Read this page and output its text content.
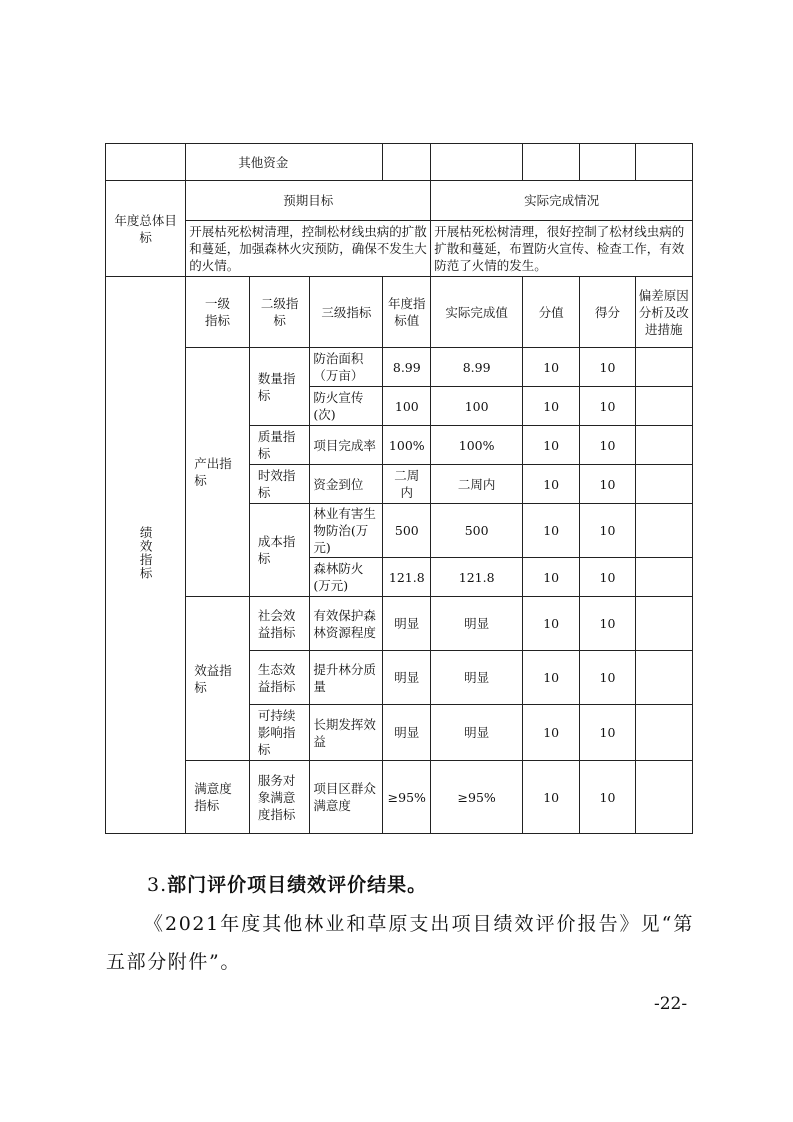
	其他资金							
年度总体目标	预期目标				实际完成情况			
	开展枯死松树清理，控制松材线虫病的扩散和蔓延，加强森林火灾预防，确保不发生大的火情。				开展枯死松树清理，很好控制了松材线虫病的扩散和蔓延，布置防火宣传、检查工作，有效防范了火情的发生。			
绩效指标	一级指标	二级指标	三级指标	年度指标值	实际完成值	分值	得分	偏差原因分析及改进措施
	产出指标	数量指标	防治面积（万亩）	8.99	8.99	10	10	
			防火宣传(次)	100	100	10	10	
		质量指标	项目完成率	100%	100%	10	10	
		时效指标	资金到位	二周内	二周内	10	10	
		成本指标	林业有害生物防治(万元)	500	500	10	10	
			森林防火(万元)	121.8	121.8	10	10	
	效益指标	社会效益指标	有效保护森林资源程度	明显	明显	10	10	
		生态效益指标	提升林分质量	明显	明显	10	10	
		可持续影响指标	长期发挥效益	明显	明显	10	10	
	满意度指标	服务对象满意度指标	项目区群众满意度	≥95%	≥95%	10	10	
3.部门评价项目绩效评价结果。
《2021年度其他林业和草原支出项目绩效评价报告》见“第五部分附件”。
-22-
